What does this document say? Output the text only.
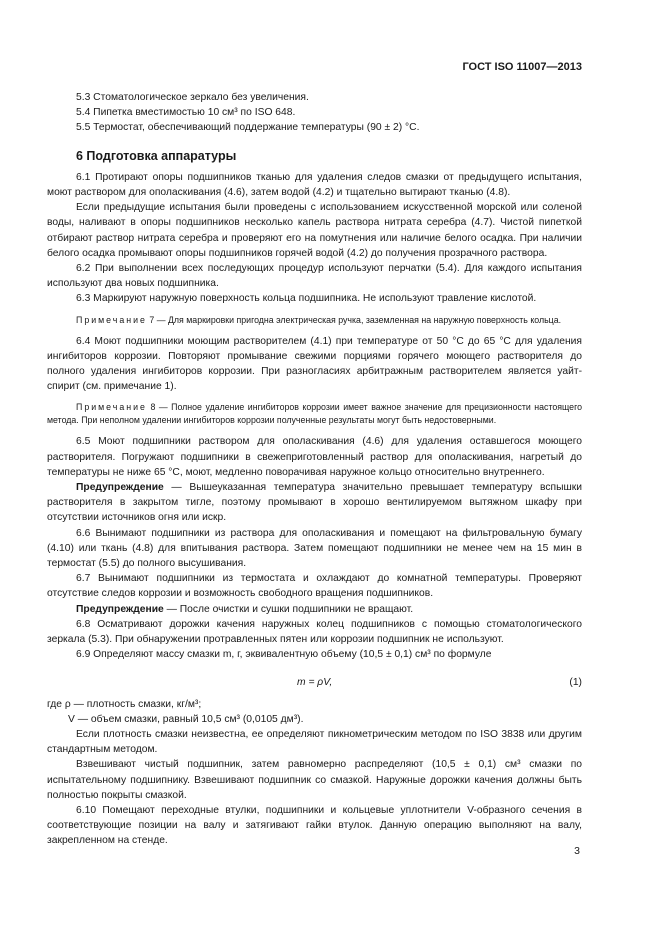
ГОСТ ISO 11007—2013

5.3 Стоматологическое зеркало без увеличения.

5.4 Пипетка вместимостью 10 см³ по ISO 648.

5.5 Термостат, обеспечивающий поддержание температуры (90 ± 2) °С.

6 Подготовка аппаратуры

6.1 Протирают опоры подшипников тканью для удаления следов смазки от предыдущего испытания, моют раствором для ополаскивания (4.6), затем водой (4.2) и тщательно вытирают тканью (4.8).

Если предыдущие испытания были проведены с использованием искусственной морской или соленой воды, наливают в опоры подшипников несколько капель раствора нитрата серебра (4.7). Чистой пипеткой отбирают раствор нитрата серебра и проверяют его на помутнения или наличие белого осадка. При наличии белого осадка промывают опоры подшипников горячей водой (4.2) до получения прозрачного раствора.

6.2 При выполнении всех последующих процедур используют перчатки (5.4). Для каждого испытания используют два новых подшипника.

6.3 Маркируют наружную поверхность кольца подшипника. Не используют травление кислотой.

Примечание 7 — Для маркировки пригодна электрическая ручка, заземленная на наружную поверхность кольца.

6.4 Моют подшипники моющим растворителем (4.1) при температуре от 50 °С до 65 °С для удаления ингибиторов коррозии. Повторяют промывание свежими порциями горячего моющего растворителя до полного удаления ингибиторов коррозии. При разногласиях арбитражным растворителем является уайт-спирит (см. примечание 1).

Примечание 8 — Полное удаление ингибиторов коррозии имеет важное значение для прецизионности настоящего метода. При неполном удалении ингибиторов коррозии полученные результаты могут быть недостоверными.

6.5 Моют подшипники раствором для ополаскивания (4.6) для удаления оставшегося моющего растворителя. Погружают подшипники в свежеприготовленный раствор для ополаскивания, нагретый до температуры не ниже 65 °С, моют, медленно поворачивая наружное кольцо относительно внутреннего.

Предупреждение — Вышеуказанная температура значительно превышает температуру вспышки растворителя в закрытом тигле, поэтому промывают в хорошо вентилируемом вытяжном шкафу при отсутствии источников огня или искр.

6.6 Вынимают подшипники из раствора для ополаскивания и помещают на фильтровальную бумагу (4.10) или ткань (4.8) для впитывания раствора. Затем помещают подшипники не менее чем на 15 мин в термостат (5.5) до полного высушивания.

6.7 Вынимают подшипники из термостата и охлаждают до комнатной температуры. Проверяют отсутствие следов коррозии и возможность свободного вращения подшипников.

Предупреждение — После очистки и сушки подшипники не вращают.

6.8 Осматривают дорожки качения наружных колец подшипников с помощью стоматологического зеркала (5.3). При обнаружении протравленных пятен или коррозии подшипник не используют.

6.9 Определяют массу смазки m, г, эквивалентную объему (10,5 ± 0,1) см³ по формуле

m = ρV,	(1)

где ρ — плотность смазки, кг/м³;

V — объем смазки, равный 10,5 см³ (0,0105 дм³).

Если плотность смазки неизвестна, ее определяют пикнометрическим методом по ISO 3838 или другим стандартным методом.

Взвешивают чистый подшипник, затем равномерно распределяют (10,5 ± 0,1) см³ смазки по испытательному подшипнику. Взвешивают подшипник со смазкой. Наружные дорожки качения должны быть полностью покрыты смазкой.

6.10 Помещают переходные втулки, подшипники и кольцевые уплотнители V-образного сечения в соответствующие позиции на валу и затягивают гайки втулок. Данную операцию выполняют на валу, закрепленном на стенде.

3
